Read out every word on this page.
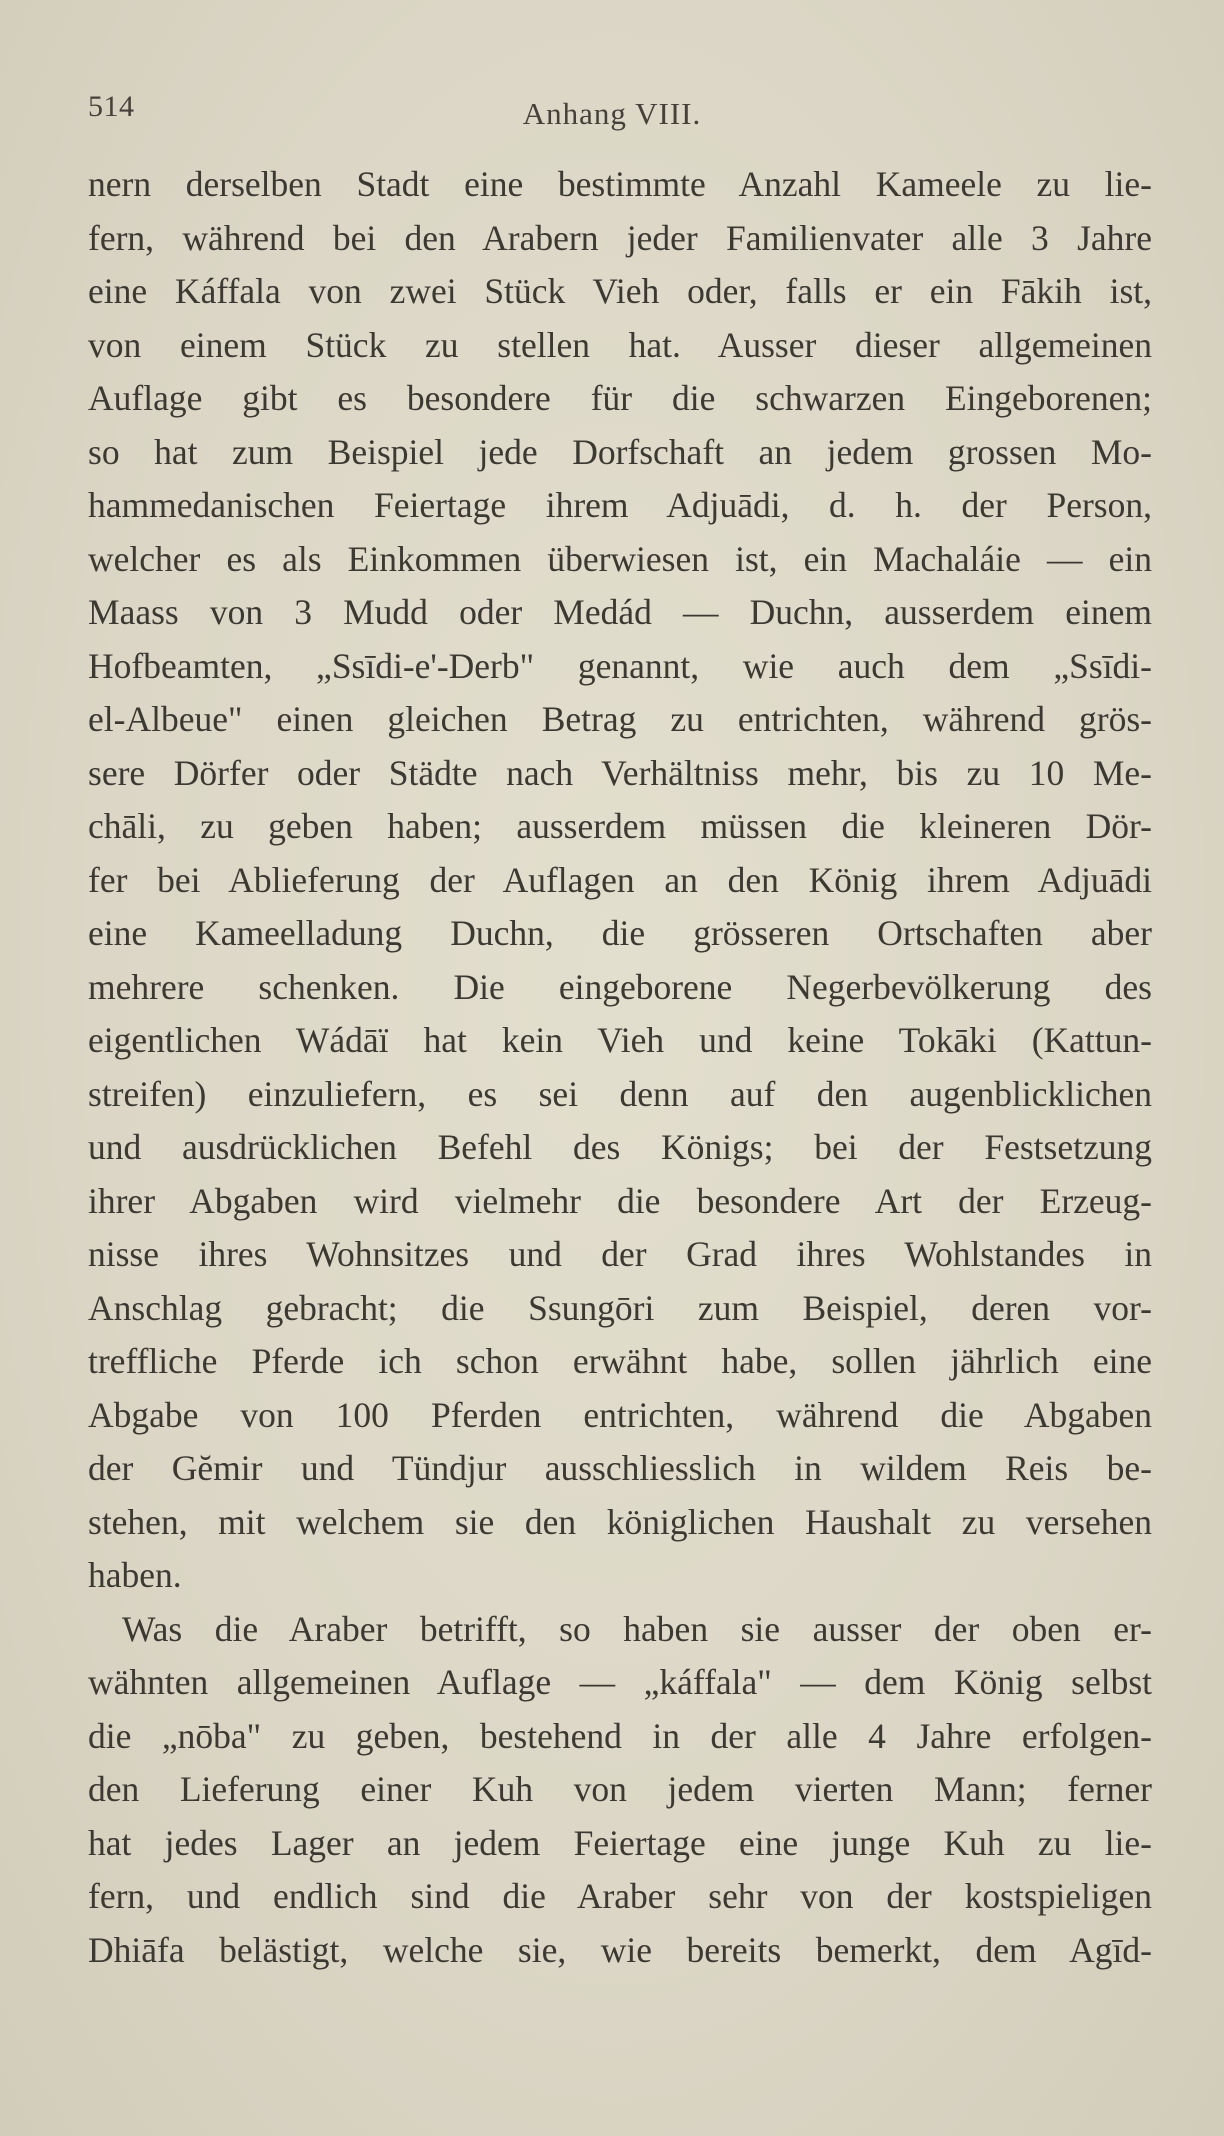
514	Anhang VIII.
nern derselben Stadt eine bestimmte Anzahl Kameele zu lie-
fern, während bei den Arabern jeder Familienvater alle 3 Jahre
eine Káffala von zwei Stück Vieh oder, falls er ein Fākih ist,
von einem Stück zu stellen hat. Ausser dieser allgemeinen
Auflage gibt es besondere für die schwarzen Eingeborenen;
so hat zum Beispiel jede Dorfschaft an jedem grossen Mo-
hammedanischen Feiertage ihrem Adjuādi, d. h. der Person,
welcher es als Einkommen überwiesen ist, ein Machaláie — ein
Maass von 3 Mudd oder Medád — Duchn, ausserdem einem
Hofbeamten, „Ssīdi-e'-Derb" genannt, wie auch dem „Ssīdi-
el-Albeue" einen gleichen Betrag zu entrichten, während grös-
sere Dörfer oder Städte nach Verhältniss mehr, bis zu 10 Me-
chāli, zu geben haben; ausserdem müssen die kleineren Dör-
fer bei Ablieferung der Auflagen an den König ihrem Adjuādi
eine Kameelladung Duchn, die grösseren Ortschaften aber
mehrere schenken. Die eingeborene Negerbevölkerung des
eigentlichen Wádāï hat kein Vieh und keine Tokāki (Kattun-
streifen) einzuliefern, es sei denn auf den augenblicklichen
und ausdrücklichen Befehl des Königs; bei der Festsetzung
ihrer Abgaben wird vielmehr die besondere Art der Erzeug-
nisse ihres Wohnsitzes und der Grad ihres Wohlstandes in
Anschlag gebracht; die Ssungōri zum Beispiel, deren vor-
treffliche Pferde ich schon erwähnt habe, sollen jährlich eine
Abgabe von 100 Pferden entrichten, während die Abgaben
der Gĕmir und Tündjur ausschliesslich in wildem Reis be-
stehen, mit welchem sie den königlichen Haushalt zu versehen
haben.
Was die Araber betrifft, so haben sie ausser der oben er-
wähnten allgemeinen Auflage — „káffala" — dem König selbst
die „nōba" zu geben, bestehend in der alle 4 Jahre erfolgen-
den Lieferung einer Kuh von jedem vierten Mann; ferner
hat jedes Lager an jedem Feiertage eine junge Kuh zu lie-
fern, und endlich sind die Araber sehr von der kostspieligen
Dhiāfa belästigt, welche sie, wie bereits bemerkt, dem Agīd-
